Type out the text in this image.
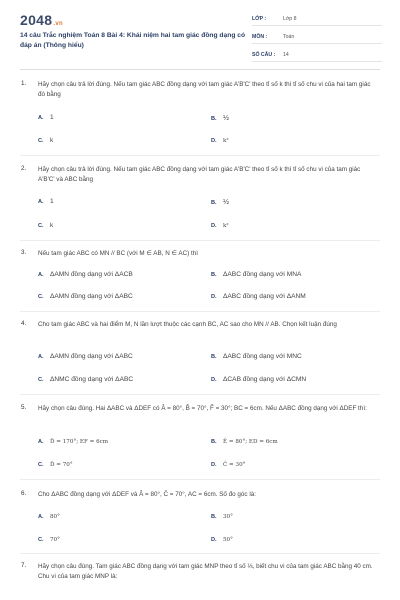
2048.vn
14 câu Trắc nghiệm Toán 8 Bài 4: Khái niệm hai tam giác đồng dạng có đáp án (Thông hiểu)
LỚP :	Lớp 8
MÔN :	Toán
SỐ CÂU :	14
1. Hãy chọn câu trả lời đúng. Nếu tam giác ABC đồng dạng với tam giác A'B'C' theo tỉ số k thì tỉ số chu vi của hai tam giác đó bằng
A. 1	B. ½
C. k	D. k²
2. Hãy chọn câu trả lời đúng. Nếu tam giác ABC đồng dạng với tam giác A'B'C' theo tỉ số k thì tỉ số chu vi của tam giác A'B'C' và ABC bằng
A. 1	B. ½
C. k	D. k²
3. Nếu tam giác ABC có MN // BC (với M ∈ AB, N ∈ AC) thì
A. ΔAMN đồng dạng với ΔACB	B. ΔABC đồng dạng với MNA
C. ΔAMN đồng dạng với ΔABC	D. ΔABC đồng dạng với ΔANM
4. Cho tam giác ABC và hai điểm M, N lần lượt thuộc các cạnh BC, AC sao cho MN // AB. Chọn kết luận đúng
A. ΔAMN đồng dạng với ΔABC	B. ΔABC đồng dạng với MNC
C. ΔNMC đồng dạng với ΔABC	D. ΔCAB đồng dạng với ΔCMN
5. Hãy chọn câu đúng. Hai ΔABC và ΔDEF có Â = 80°, B̂ = 70°, F̂ = 30°; BC = 6cm. Nếu ΔABC đồng dạng với ΔDEF thì:
A. D̂ = 170°; EF = 6cm	B. Ê = 80°; ED = 6cm
C. D̂ = 70°	D. Ĉ = 30°
6. Cho ΔABC đồng dạng với ΔDEF và Â = 80°, Ĉ = 70°, AC = 6cm. Số đo góc là:
A. 80°	B. 30°
C. 70°	D. 50°
7. Hãy chọn câu đúng. Tam giác ABC đồng dạng với tam giác MNP theo tỉ số ⅓, biết chu vi của tam giác ABC bằng 40 cm. Chu vi của tam giác MNP là:
